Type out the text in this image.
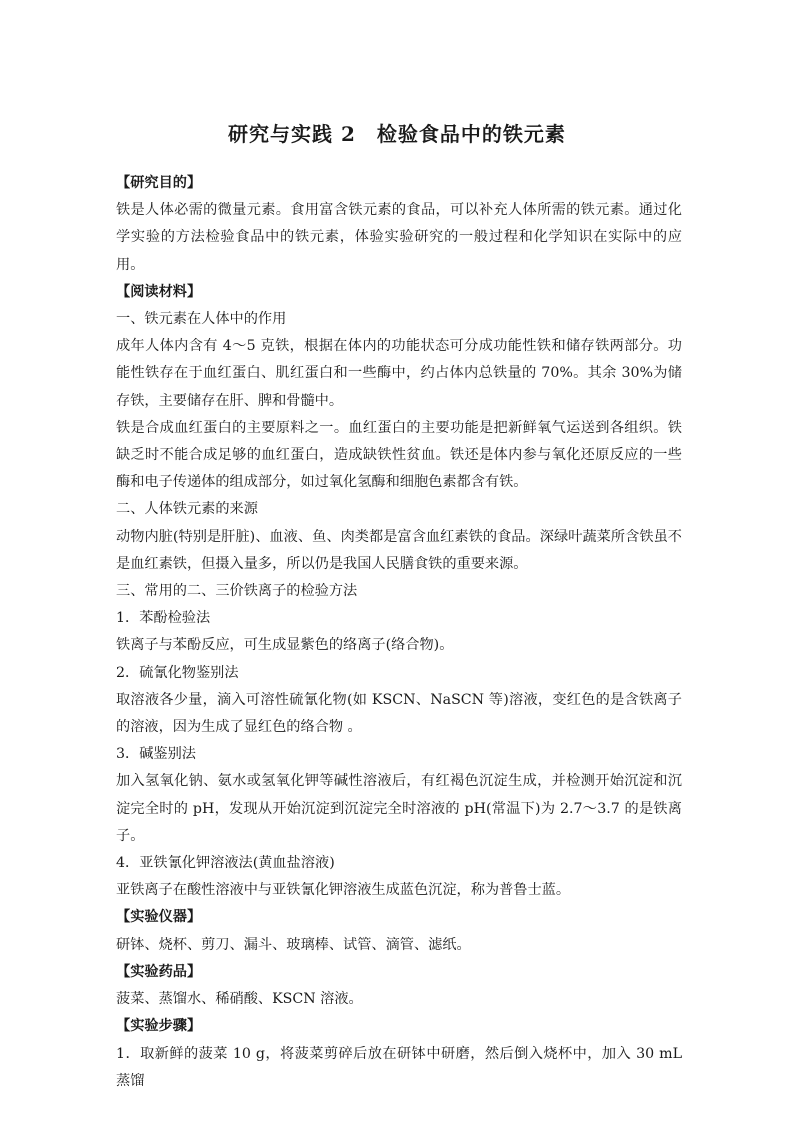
研究与实践 2　检验食品中的铁元素

【研究目的】

铁是人体必需的微量元素。食用富含铁元素的食品，可以补充人体所需的铁元素。通过化学实验的方法检验食品中的铁元素，体验实验研究的一般过程和化学知识在实际中的应用。

【阅读材料】

一、铁元素在人体中的作用

成年人体内含有 4～5 克铁，根据在体内的功能状态可分成功能性铁和储存铁两部分。功能性铁存在于血红蛋白、肌红蛋白和一些酶中，约占体内总铁量的 70%。其余 30%为储存铁，主要储存在肝、脾和骨髓中。

铁是合成血红蛋白的主要原料之一。血红蛋白的主要功能是把新鲜氧气运送到各组织。铁缺乏时不能合成足够的血红蛋白，造成缺铁性贫血。铁还是体内参与氧化还原反应的一些酶和电子传递体的组成部分，如过氧化氢酶和细胞色素都含有铁。

二、人体铁元素的来源

动物内脏(特别是肝脏)、血液、鱼、肉类都是富含血红素铁的食品。深绿叶蔬菜所含铁虽不是血红素铁，但摄入量多，所以仍是我国人民膳食铁的重要来源。

三、常用的二、三价铁离子的检验方法

1．苯酚检验法

铁离子与苯酚反应，可生成显紫色的络离子(络合物)。

2．硫氰化物鉴别法

取溶液各少量，滴入可溶性硫氰化物(如 KSCN、NaSCN 等)溶液，变红色的是含铁离子的溶液，因为生成了显红色的络合物 。

3．碱鉴别法

加入氢氧化钠、氨水或氢氧化钾等碱性溶液后，有红褐色沉淀生成，并检测开始沉淀和沉淀完全时的 pH，发现从开始沉淀到沉淀完全时溶液的 pH(常温下)为 2.7～3.7 的是铁离子。

4．亚铁氰化钾溶液法(黄血盐溶液)

亚铁离子在酸性溶液中与亚铁氰化钾溶液生成蓝色沉淀，称为普鲁士蓝。

【实验仪器】

研钵、烧杯、剪刀、漏斗、玻璃棒、试管、滴管、滤纸。

【实验药品】

菠菜、蒸馏水、稀硝酸、KSCN 溶液。

【实验步骤】

1．取新鲜的菠菜 10 g，将菠菜剪碎后放在研钵中研磨，然后倒入烧杯中，加入 30 mL 蒸馏
